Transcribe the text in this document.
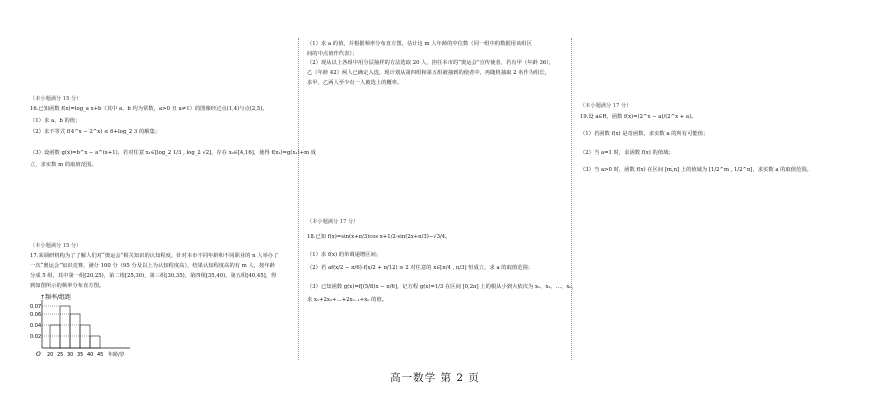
（本小题满分 15 分）
16.已知函数 f(x)=log_a x+b（其中 a、b 均为常数，a>0 且 a≠1）的图像经过点(1,4)与点(2,5)。
（1）求 a、b 的值；
（2）求不等式 f(4^x − 2^x) ≤ 6+log_2 3 的解集；
（3）设函数 g(x)=b^x − a^(x+1)，若对任意 x₁∈[log_2 1/3 , log_2 √2]，存在 x₂∈[4,16]，使得 f(x₂)=g(x₁)+m 成
立，求实数 m 的取值范围。
（本小题满分 15 分）
17.某调研机构为了了解人们对“奥运会”相关知识的认知程度，针对本市不同年龄和不同职业的 n 人举办了
一次“奥运会”知识竞赛，满分 100 分（95 分及以上为认知程度高），结果认知程度高的有 m 人，按年龄
分成 5 组，其中第一组[20,25)，第二组[25,30)，第三组[30,35)，第四组[35,40)，第五组[40,45]，得
到如图所示的频率分布直方图。
↑频率/组距
0.07
0.06
0.04
0.02
O 20 25 30 35 40 45 年龄/岁
（1）求 a 的值，并根据频率分布直方图，估计这 m 人年龄的中位数（同一组中的数据用该组区
间的中点值作代表）；
（2）现从以上各组中用分层抽样的方法选取 20 人，担任本市的“奥运会”宣传使者，若有甲（年龄 36），
乙（年龄 42）两人已确定入选，现计划从第四组和第五组被抽到的使者中，再随机抽取 2 名作为组长，
求甲、乙两人至少有一人被选上的概率。
（本小题满分 17 分）
18.已知 f(x)=sin(x+π/3)cos x+1/2·sin(2x+π/3)−√3/4。
（1）求 f(x) 的单调递增区间；
（2）若 af(x/2 − π/6)·f(x/2 + π/12) ≥ 2 对任意的 x∈[π/4 , π/3] 恒成立，求 a 的取值范围；
（3）已知函数 g(x)=f[(5/8)x − π/6]，记方程 g(x)=1/3 在区间 [0,2π] 上的根从小到大依次为 x₁、x₂、…、xₙ，
求 x₁+2x₂+…+2xₙ₋₁+xₙ 的值。
（本小题满分 17 分）
19.设 a∈R，函数 f(x)=(2^x − a)/(2^x + a)。
（1）若函数 f(x) 是奇函数，求实数 a 的所有可能值；
（2）当 a=1 时，求函数 f(x) 的值域；
（3）当 a>0 时，函数 f(x) 在区间 [m,n] 上的值域为 [1/2^m , 1/2^n]，求实数 a 的取值范围。
高一数学 第 2 页
